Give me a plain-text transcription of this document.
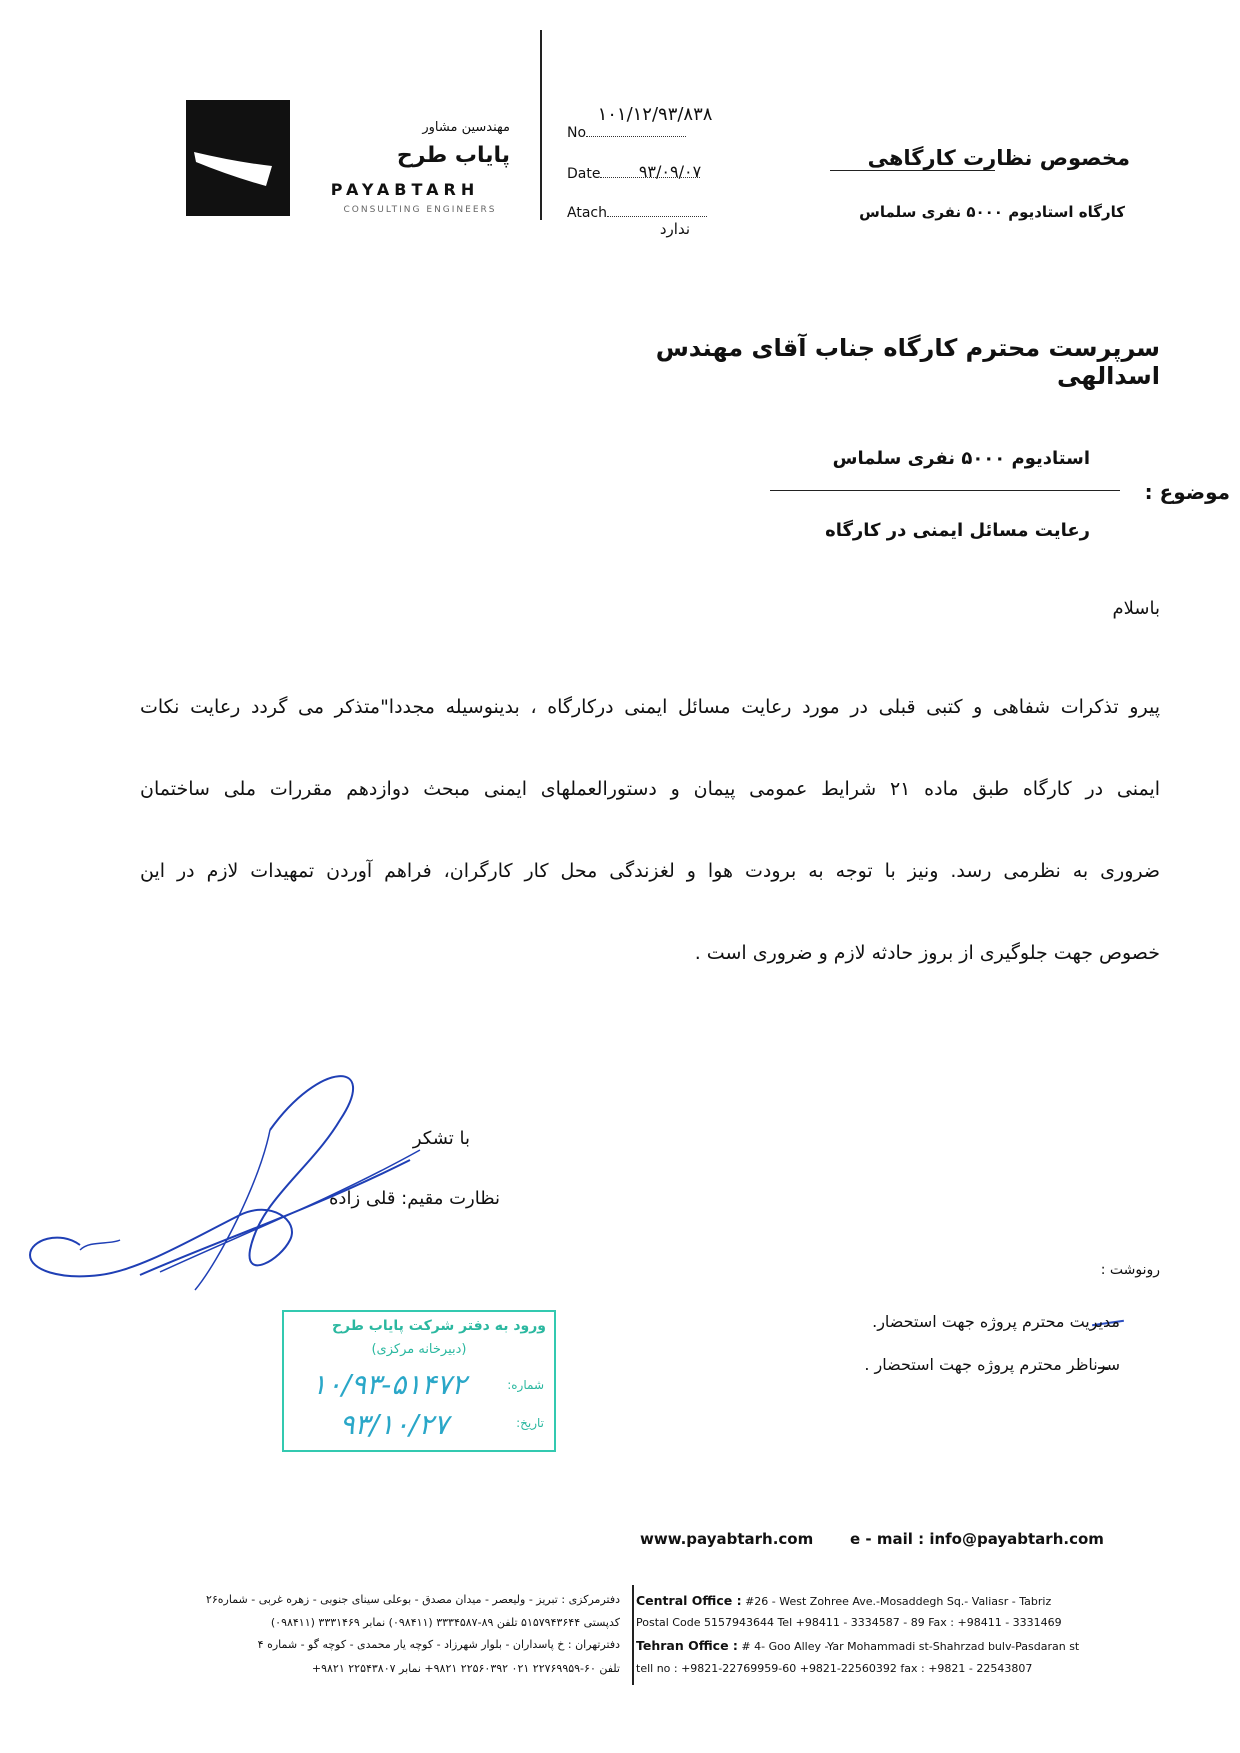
مهندسین مشاور
پایاب طرح
PAYABTARH
CONSULTING ENGINEERS
No
۱۰۱/۱۲/۹۳/۸۳۸
Date	۹۳/۰۹/۰۷
Atach
ندارد
مخصوص نظارت کارگاهی
کارگاه استادیوم ۵۰۰۰ نفری سلماس
سرپرست محترم کارگاه جناب آقای مهندس اسدالهی
موضوع :
استادیوم ۵۰۰۰ نفری سلماس
رعایت مسائل ایمنی در کارگاه
باسلام
پیرو تذکرات شفاهی و کتبی قبلی در مورد رعایت مسائل ایمنی درکارگاه ، بدینوسیله مجددا"متذکر می گردد رعایت نکات
ایمنی در کارگاه طبق ماده ۲۱ شرایط عمومی پیمان و دستورالعملهای ایمنی مبحث دوازدهم مقررات ملی ساختمان
ضروری به نظرمی رسد. ونیز با توجه به برودت هوا و لغزندگی محل کار کارگران، فراهم آوردن تمهیدات لازم در این
خصوص جهت جلوگیری از بروز حادثه لازم و ضروری است .
با تشکر
نظارت مقیم: قلی زاده
رونوشت :
مدیریت محترم پروژه جهت استحضار.
سرناظر محترم پروژه جهت استحضار .
ورود به دفتر شرکت پایاب طرح
(دبیرخانه مرکزی)
شماره:
۱۰/۹۳-۵۱۴۷۲
تاریخ:
۹۳/۱۰/۲۷
www.payabtarh.com	e - mail : info@payabtarh.com
Central Office : #26 - West Zohree Ave.-Mosaddegh Sq.- Valiasr - Tabriz
Postal Code 5157943644 Tel +98411 - 3334587 - 89 Fax : +98411 - 3331469
Tehran Office : # 4- Goo Alley -Yar Mohammadi st-Shahrzad bulv-Pasdaran st
tell no : +9821-22769959-60 +9821-22560392 fax : +9821 - 22543807
دفترمرکزی : تبریز - ولیعصر - میدان مصدق - بوعلی سینای جنوبی - زهره غربی - شماره۲۶
کدپستی ۵۱۵۷۹۴۳۶۴۴ تلفن ۸۹-۳۳۳۴۵۸۷ (۰۹۸۴۱۱) نمابر ۳۳۳۱۴۶۹ (۰۹۸۴۱۱)
دفترتهران : خ پاسداران - بلوار شهرزاد - کوچه یار محمدی - کوچه گو - شماره ۴
تلفن ۶۰-۲۲۷۶۹۹۵۹ ۰۲۱ ۲۲۵۶۰۳۹۲ ۹۸۲۱+ نمابر ۲۲۵۴۳۸۰۷ ۹۸۲۱+
